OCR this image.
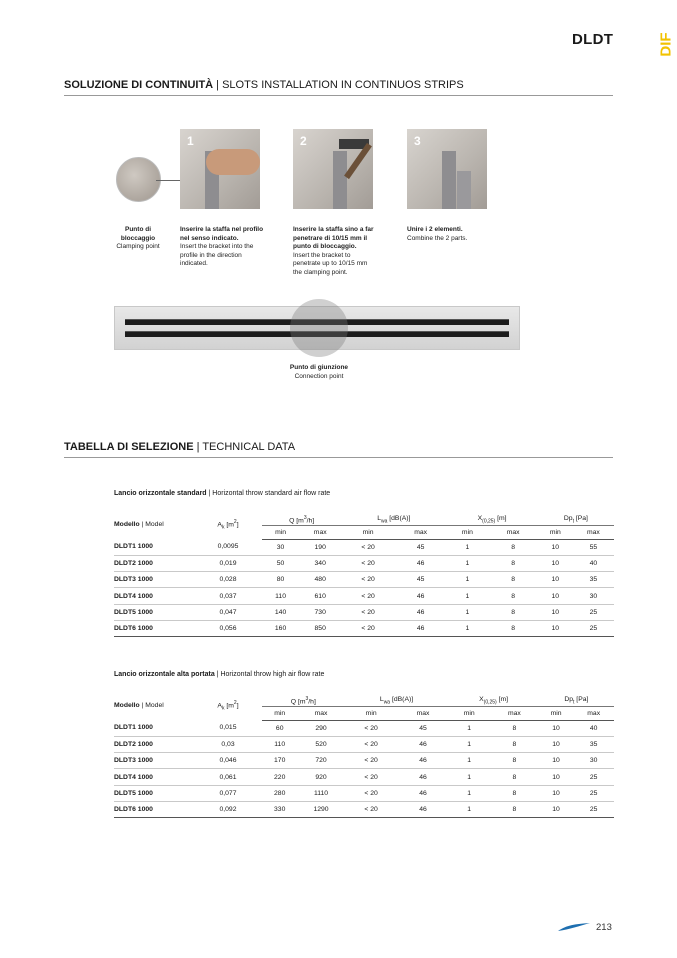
DLDT	DIF
SOLUZIONE DI CONTINUITÀ | SLOTS INSTALLATION IN CONTINUOS STRIPS
1	2	3
Punto di bloccaggio
Clamping point
Inserire la staffa nel profilo nel senso indicato.
Insert the bracket into the profile in the direction indicated.
Inserire la staffa sino a far penetrare di 10/15 mm il punto di bloccaggio.
Insert the bracket to penetrate up to 10/15 mm the clamping point.
Unire i 2 elementi.
Combine the 2 parts.
Punto di giunzione
Connection point
TABELLA DI SELEZIONE | TECHNICAL DATA
Lancio orizzontale standard | Horizontal throw standard air flow rate
Modello | Model	$A_k$ $[m^2]$	Q $[m^3/h]$		$L_{wa}$ [dB(A)]		$X_{(0,25)}$ [m]		$Dp_t$ [Pa]	
		min	max	min	max	min	max	min	max
DLDT1 1000	0,0095	30	190	< 20	45	1	8	10	55
DLDT2 1000	0,019	50	340	< 20	46	1	8	10	40
DLDT3 1000	0,028	80	480	< 20	45	1	8	10	35
DLDT4 1000	0,037	110	610	< 20	46	1	8	10	30
DLDT5 1000	0,047	140	730	< 20	46	1	8	10	25
DLDT6 1000	0,056	160	850	< 20	46	1	8	10	25
Lancio orizzontale alta portata | Horizontal throw high air flow rate
Modello | Model	$A_k$ $[m^2]$	Q $[m^3/h]$		$L_{wa}$ [dB(A)]		$X_{(0,25)}$ [m]		$Dp_t$ [Pa]	
		min	max	min	max	min	max	min	max
DLDT1 1000	0,015	60	290	< 20	45	1	8	10	40
DLDT2 1000	0,03	110	520	< 20	46	1	8	10	35
DLDT3 1000	0,046	170	720	< 20	46	1	8	10	30
DLDT4 1000	0,061	220	920	< 20	46	1	8	10	25
DLDT5 1000	0,077	280	1110	< 20	46	1	8	10	25
DLDT6 1000	0,092	330	1290	< 20	46	1	8	10	25
213
